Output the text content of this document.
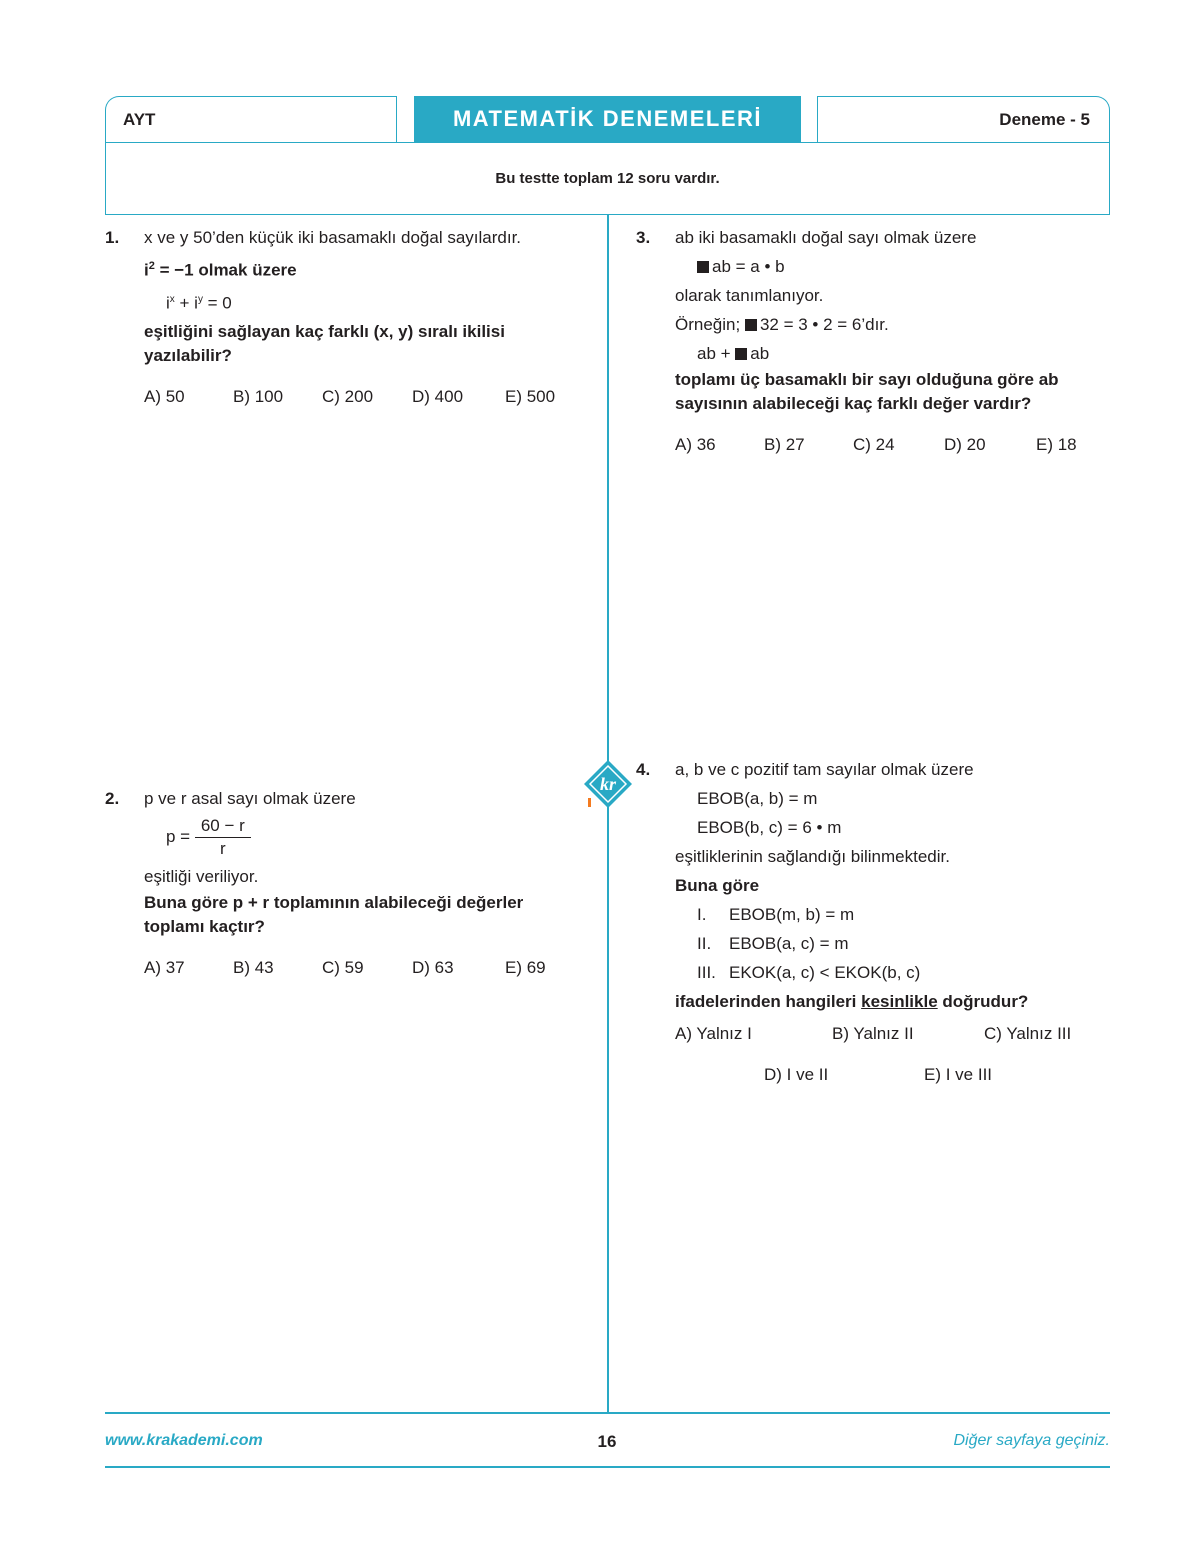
AYT	MATEMATİK DENEMELERİ	Deneme - 5
Bu testte toplam 12 soru vardır.
kr
1.	x ve y 50’den küçük iki basamaklı doğal sayılardır.
$i^2 = -1$ olmak üzere
$i^x + i^y = 0$
eşitliğini sağlayan kaç farklı (x, y) sıralı ikilisi yazılabilir?
A) 50	B) 100	C) 200	D) 400	E) 500
2.	p ve r asal sayı olmak üzere
$p = \frac{60 - r}{r}$
eşitliği veriliyor.
Buna göre p + r toplamının alabileceği değerler toplamı kaçtır?
A) 37	B) 43	C) 59	D) 63	E) 69
3.	ab iki basamaklı doğal sayı olmak üzere
ab = a • b
olarak tanımlanıyor.
Örneğin; 32 = 3 • 2 = 6’dır.
ab + ab
toplamı üç basamaklı bir sayı olduğuna göre ab sayısının alabileceği kaç farklı değer vardır?
A) 36	B) 27	C) 24	D) 20	E) 18
4.	a, b ve c pozitif tam sayılar olmak üzere
EBOB(a, b) = m
EBOB(b, c) = 6 • m
eşitliklerinin sağlandığı bilinmektedir.
Buna göre
I. EBOB(m, b) = m
II. EBOB(a, c) = m
III. EKOK(a, c) < EKOK(b, c)
ifadelerinden hangileri kesinlikle doğrudur?
A) Yalnız I	B) Yalnız II	C) Yalnız III
D) I ve II	E) I ve III
www.krakademi.com	16	Diğer sayfaya geçiniz.
